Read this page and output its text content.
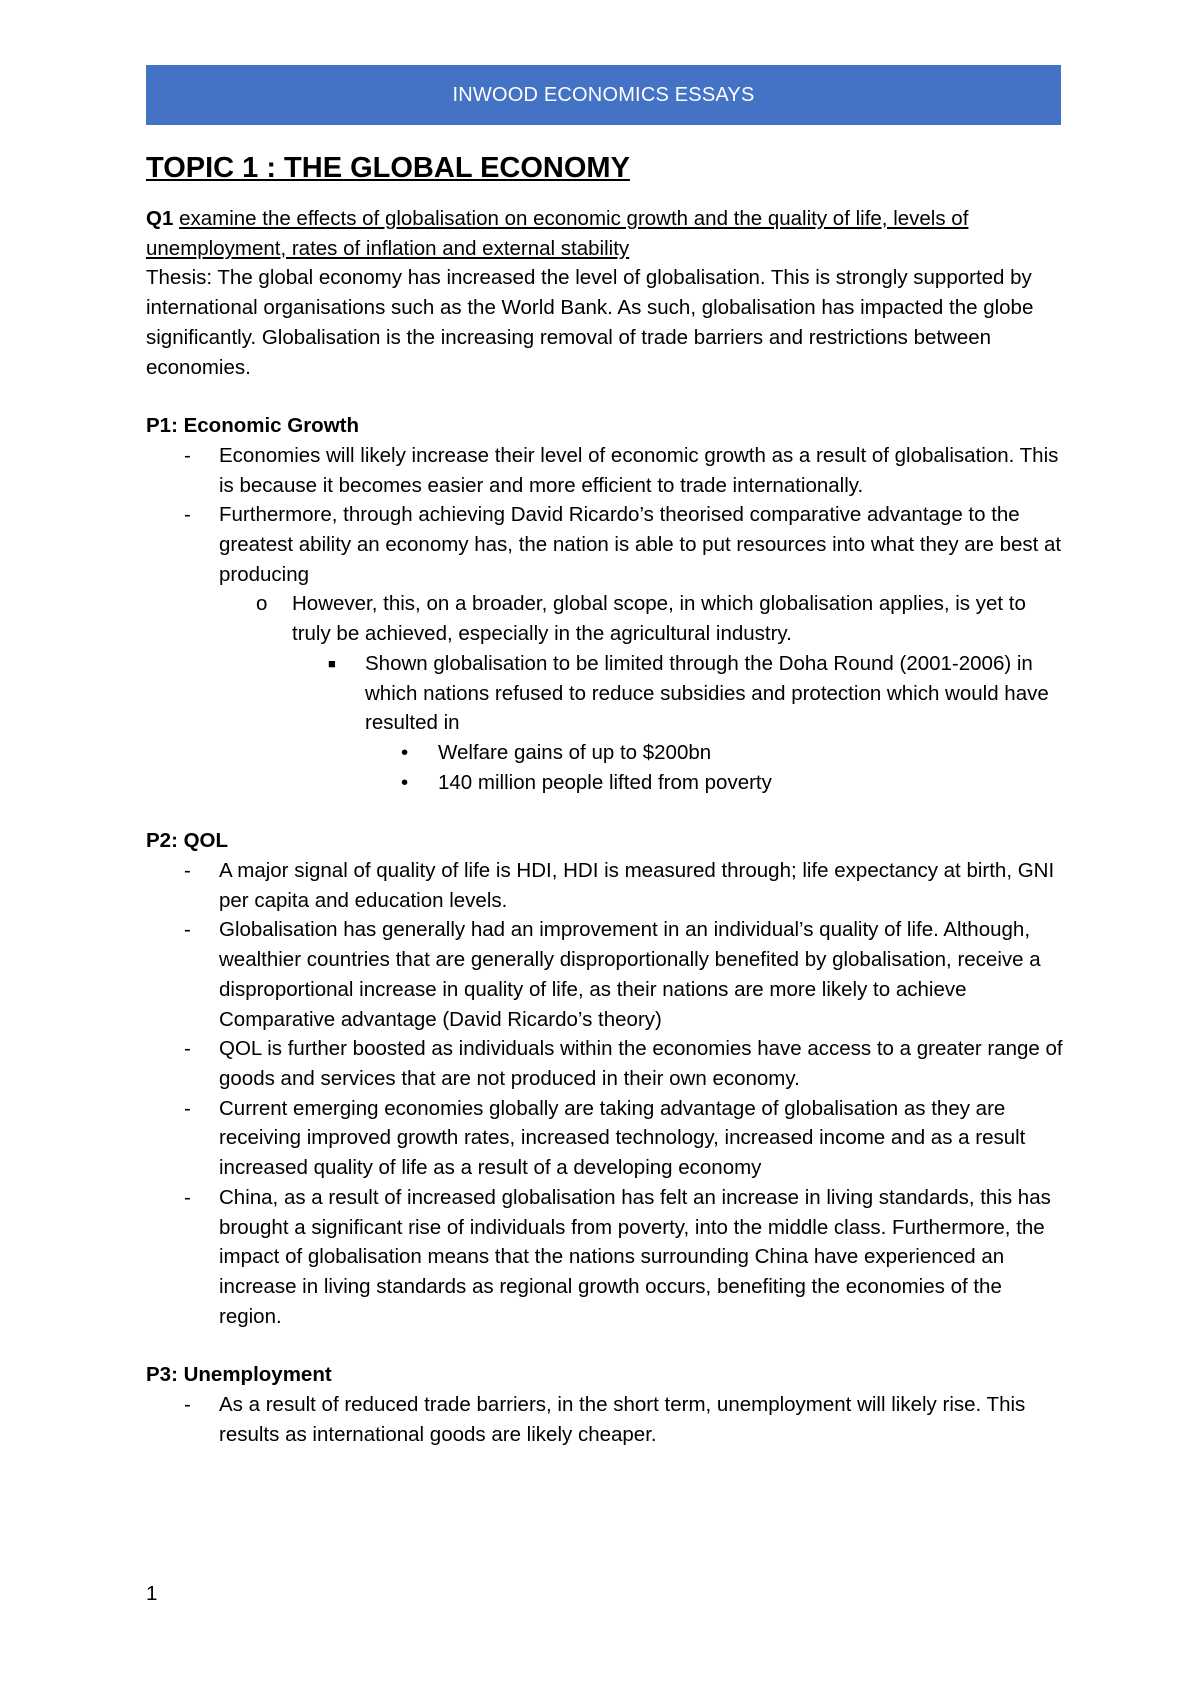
INWOOD ECONOMICS ESSAYS
TOPIC 1 : THE GLOBAL ECONOMY

Q1 examine the effects of globalisation on economic growth and the quality of life, levels of unemployment, rates of inflation and external stability

Thesis: The global economy has increased the level of globalisation. This is strongly supported by international organisations such as the World Bank. As such, globalisation has impacted the globe significantly. Globalisation is the increasing removal of trade barriers and restrictions between economies.

P1: Economic Growth

- Economies will likely increase their level of economic growth as a result of globalisation. This is because it becomes easier and more efficient to trade internationally.
- Furthermore, through achieving David Ricardo’s theorised comparative advantage to the greatest ability an economy has, the nation is able to put resources into what they are best at producing
o However, this, on a broader, global scope, in which globalisation applies, is yet to truly be achieved, especially in the agricultural industry.
■ Shown globalisation to be limited through the Doha Round (2001-2006) in which nations refused to reduce subsidies and protection which would have resulted in
• Welfare gains of up to $200bn
• 140 million people lifted from poverty

P2: QOL

- A major signal of quality of life is HDI, HDI is measured through; life expectancy at birth, GNI per capita and education levels.
- Globalisation has generally had an improvement in an individual’s quality of life. Although, wealthier countries that are generally disproportionally benefited by globalisation, receive a disproportional increase in quality of life, as their nations are more likely to achieve Comparative advantage (David Ricardo’s theory)
- QOL is further boosted as individuals within the economies have access to a greater range of goods and services that are not produced in their own economy.
- Current emerging economies globally are taking advantage of globalisation as they are receiving improved growth rates, increased technology, increased income and as a result increased quality of life as a result of a developing economy
- China, as a result of increased globalisation has felt an increase in living standards, this has brought a significant rise of individuals from poverty, into the middle class. Furthermore, the impact of globalisation means that the nations surrounding China have experienced an increase in living standards as regional growth occurs, benefiting the economies of the region.

P3: Unemployment

- As a result of reduced trade barriers, in the short term, unemployment will likely rise. This results as international goods are likely cheaper.
1
